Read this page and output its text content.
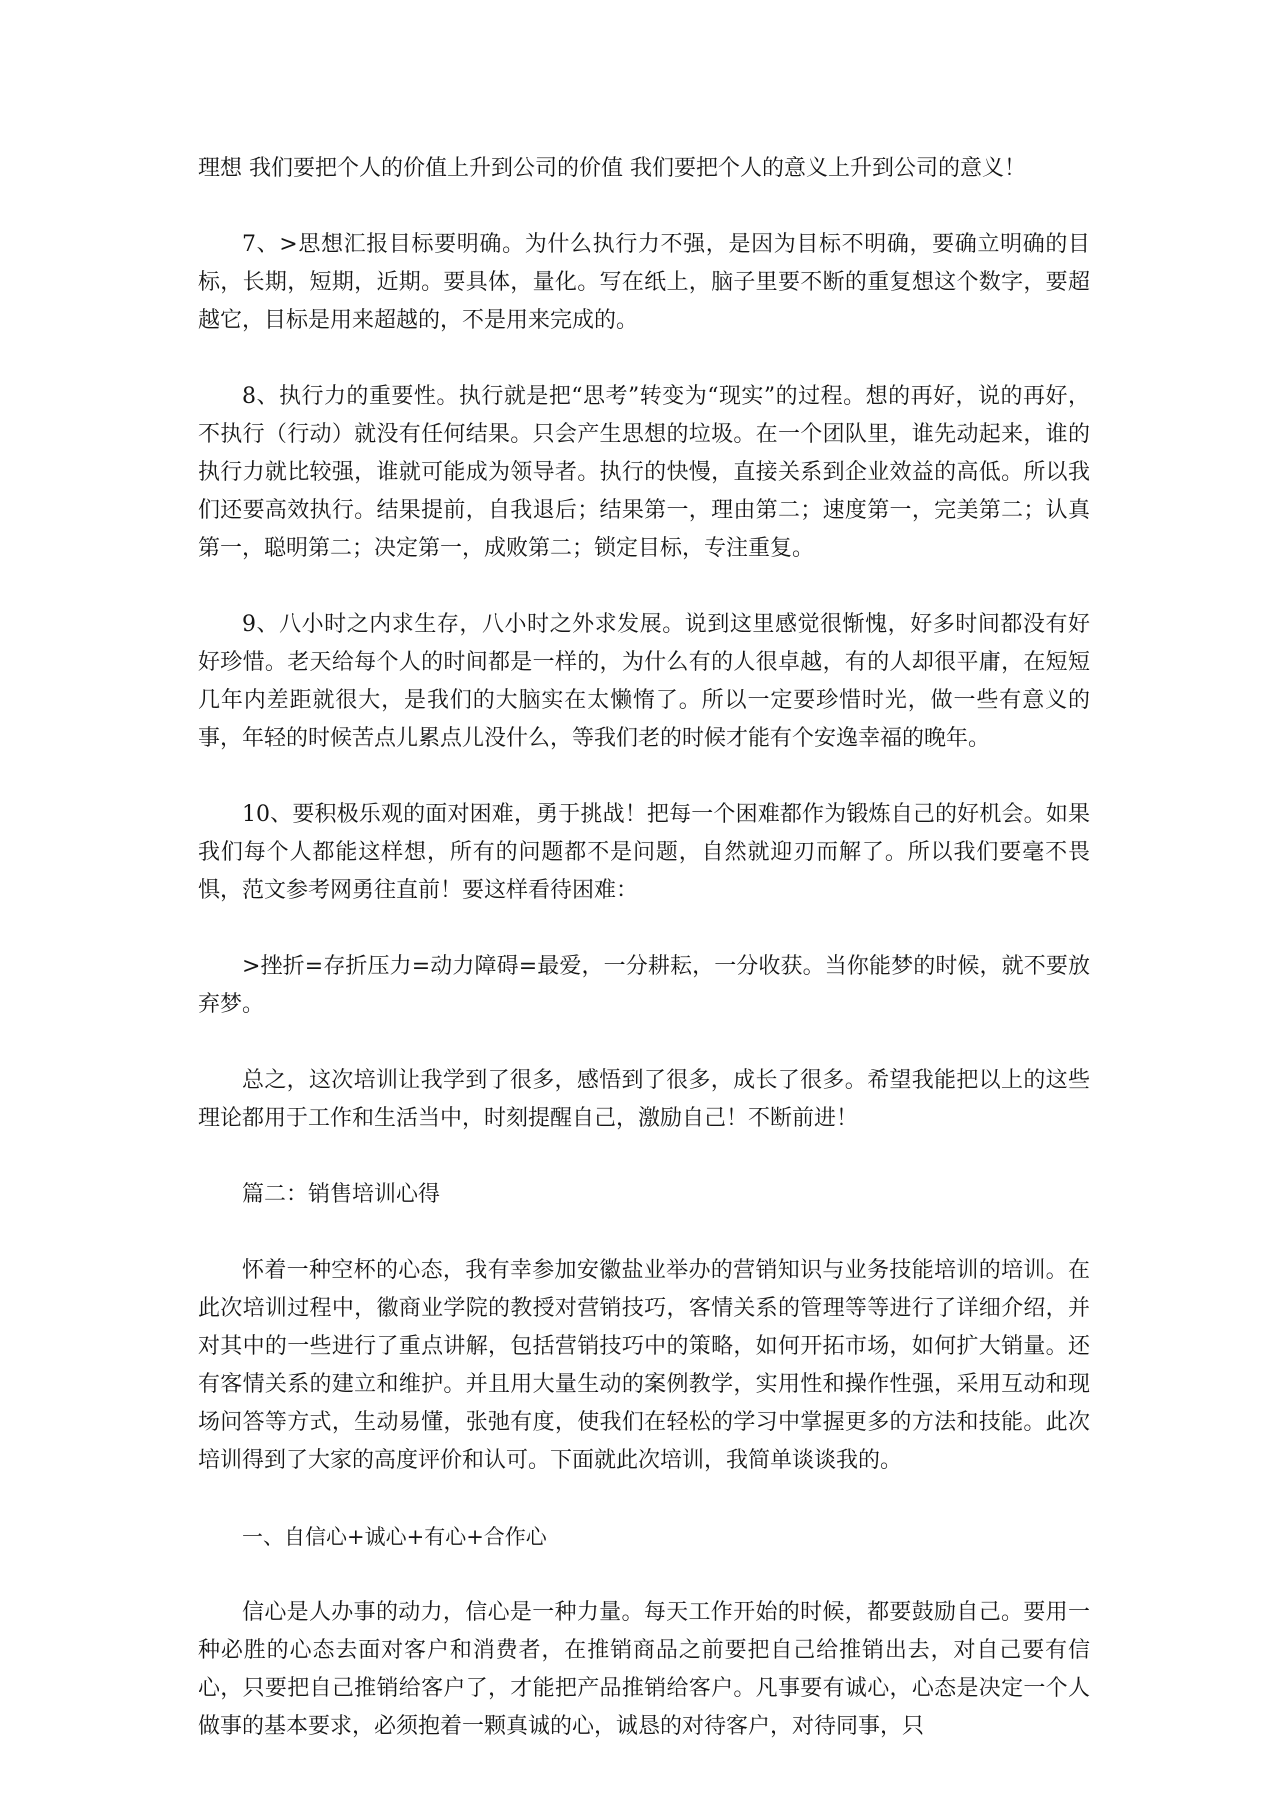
理想 我们要把个人的价值上升到公司的价值 我们要把个人的意义上升到公司的意义！

7、>思想汇报目标要明确。为什么执行力不强，是因为目标不明确，要确立明确的目标，长期，短期，近期。要具体，量化。写在纸上，脑子里要不断的重复想这个数字，要超越它，目标是用来超越的，不是用来完成的。

8、执行力的重要性。执行就是把“思考”转变为“现实”的过程。想的再好，说的再好，不执行（行动）就没有任何结果。只会产生思想的垃圾。在一个团队里，谁先动起来，谁的执行力就比较强，谁就可能成为领导者。执行的快慢，直接关系到企业效益的高低。所以我们还要高效执行。结果提前，自我退后；结果第一，理由第二；速度第一，完美第二；认真第一，聪明第二；决定第一，成败第二；锁定目标，专注重复。

9、八小时之内求生存，八小时之外求发展。说到这里感觉很惭愧，好多时间都没有好好珍惜。老天给每个人的时间都是一样的，为什么有的人很卓越，有的人却很平庸，在短短几年内差距就很大，是我们的大脑实在太懒惰了。所以一定要珍惜时光，做一些有意义的事，年轻的时候苦点儿累点儿没什么，等我们老的时候才能有个安逸幸福的晚年。

10、要积极乐观的面对困难，勇于挑战！把每一个困难都作为锻炼自己的好机会。如果我们每个人都能这样想，所有的问题都不是问题，自然就迎刃而解了。所以我们要毫不畏惧，范文参考网勇往直前！要这样看待困难：

>挫折=存折压力=动力障碍=最爱，一分耕耘，一分收获。当你能梦的时候，就不要放弃梦。

总之，这次培训让我学到了很多，感悟到了很多，成长了很多。希望我能把以上的这些理论都用于工作和生活当中，时刻提醒自己，激励自己！不断前进！

篇二：销售培训心得

怀着一种空杯的心态，我有幸参加安徽盐业举办的营销知识与业务技能培训的培训。在此次培训过程中，徽商业学院的教授对营销技巧，客情关系的管理等等进行了详细介绍，并对其中的一些进行了重点讲解，包括营销技巧中的策略，如何开拓市场，如何扩大销量。还有客情关系的建立和维护。并且用大量生动的案例教学，实用性和操作性强，采用互动和现场问答等方式，生动易懂，张弛有度，使我们在轻松的学习中掌握更多的方法和技能。此次培训得到了大家的高度评价和认可。下面就此次培训，我简单谈谈我的。

一、自信心+诚心+有心+合作心

信心是人办事的动力，信心是一种力量。每天工作开始的时候，都要鼓励自己。要用一种必胜的心态去面对客户和消费者，在推销商品之前要把自己给推销出去，对自己要有信心，只要把自己推销给客户了，才能把产品推销给客户。凡事要有诚心，心态是决定一个人做事的基本要求，必须抱着一颗真诚的心，诚恳的对待客户，对待同事，只
